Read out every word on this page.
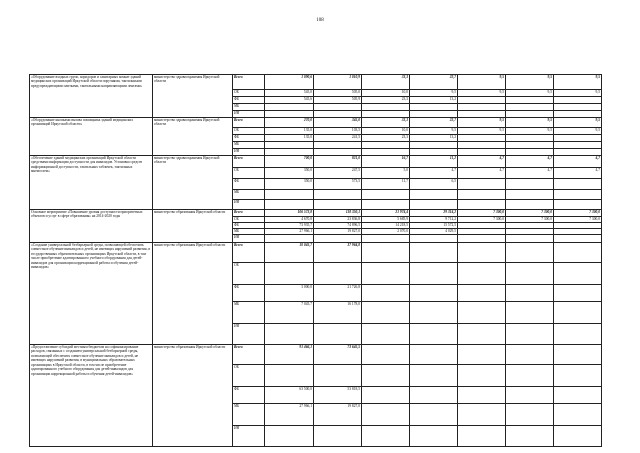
108
«Оборудование входных групп, коридоров и санитарных комнат зданий медицинских организаций Иркутской области поручнями, тактильными предупреждающими плитками, тактильными направляющими лентами»	министерство здравоохранения Иркутской области	Всего	1 090,6	1 010,9	33,3	22,7	9,5	9,5	9,5
		ОБ	545,0	505,0	10,0	9,5	9,5	9,5	9,5
		ФБ	545,6	505,9	23,3	13,2			
		МБ							
		ИИ							
«Оборудование кнопками вызова помощника зданий медицинских организаций Иркутской области»	министерство здравоохранения Иркутской области	Всего	270,0	345,0	33,3	22,7	9,5	9,5	9,5
		ОБ	135,0	103,5	10,0	9,5	9,5	9,5	9,5
		ФБ	135,0	241,5	23,3	13,2			
		МБ							
		ИИ							
«Обеспечение зданий медицинских организаций Иркутской области средствами информации доступности для инвалидов. Установка средств информационной доступности, тактильных табличек, тактильных мнемосхем»	министерство здравоохранения Иркутской области	Всего	700,0	821,0	16,7	11,2	4,7	4,7	4,7
		ОБ	350,0	247,5	5,0	4,7	4,7	4,7	4,7
		ФБ	350,0	573,5	11,7	6,5			
		МБ							
		ИИ							
Основное мероприятие «Повышение уровня доступности приоритетных объектов и услуг в сфере образования» на 2014-2020 годы	министерство образования Иркутской области	Всего	106 573,8	118 350,1	21 974,4	29 314,2	7 300,0	7 300,0	7 300,0
		ОБ	4 670,8	23 836,8	5 685,9	9 712,2	7 300,0	7 300,0	7 300,0
		ФБ	73 935,7	74 896,5	14 218,5	15 572,5			
		МБ	27 966,1	19 827,0	2 070,0	4 029,5			
		ИИ							
«Создание универсальной безбарьерной среды, позволяющей обеспечить совместное обучение инвалидов и детей, не имеющих нарушений развития, в государственных образовательных организациях Иркутской области, в том числе приобретение адаптированного учебного оборудования для детей-инвалидов для организации коррекционной работы и обучения детей-инвалидов»	министерство образования Иркутской области	Всего	10 045,7	37 964,8					
		ОБ							
		ФБ	3 000,0	21 726,8					
		МБ	7 045,7	16 178,0					
		ИИ							
«Предоставление субсидий местным бюджетам на софинансирование расходов, связанных с созданием универсальной безбарьерной среды, позволяющей обеспечить совместное обучение инвалидов и детей, не имеющих нарушений развития, в муниципальных образовательных организациях в Иркутской области, в том числе приобретение адаптированного учебного оборудования для детей-инвалидов для организации коррекционной работы и обучения детей-инвалидов»	министерство образования Иркутской области	Всего	91 466,1	73 645,5					
		ОБ							
		ФБ	63 500,0	53 818,5					
		МБ	27 966,1	19 827,0					
		ИИ							
